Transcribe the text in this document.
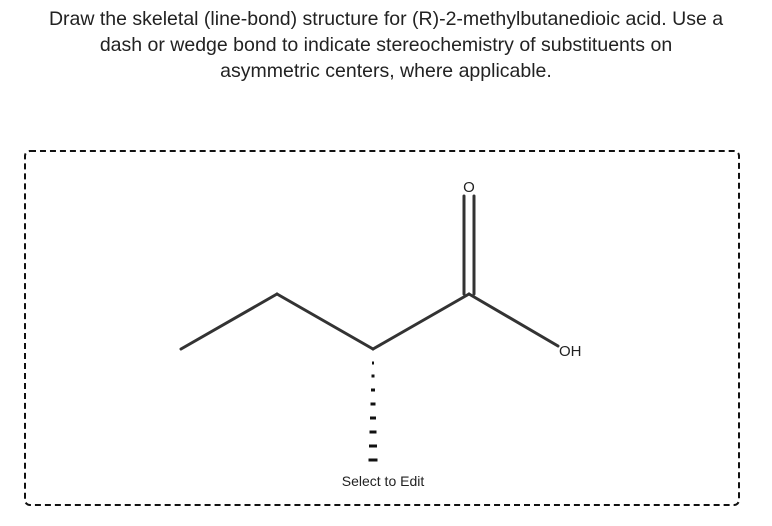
Draw the skeletal (line-bond) structure for (R)-2-methylbutanedioic acid. Use a
dash or wedge bond to indicate stereochemistry of substituents on
asymmetric centers, where applicable.
O
OH
Select to Edit
